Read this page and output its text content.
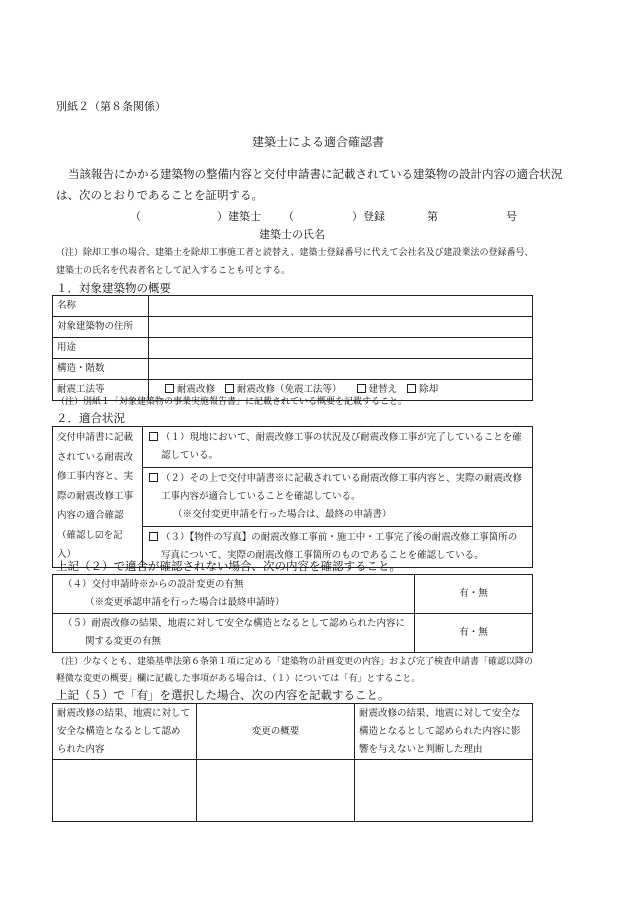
別紙２（第８条関係）
建築士による適合確認書
当該報告にかかる建築物の整備内容と交付申請書に記載されている建築物の設計内容の適合状況
は、次のとおりであることを証明する。
（	）建築士 （	）登録	第	号
建築士の氏名
（注）除却工事の場合、建築士を除却工事施工者と読替え、建築士登録番号に代えて会社名及び建設業法の登録番号、
建築士の氏名を代表者名として記入することも可とする。
１．対象建築物の概要
名称	
対象建築物の住所	
用途	
構造・階数	
耐震工法等	耐震改修 耐震改修（免震工法等） 建替え 除却
（注）別紙１「対象建築物の事業実施報告書」に記載されている概要を記載すること。
２．適合状況
交付申請書に記載
されている耐震改
修工事内容と、実
際の耐震改修工事
内容の適合確認
（確認し☑を記
入）
	（１）現地において、耐震改修工事の状況及び耐震改修工事が完了していることを確
認している。
（２）その上で交付申請書※に記載されている耐震改修工事内容と、実際の耐震改修
工事内容が適合していることを確認している。
（※交付変更申請を行った場合は、最終の申請書）
（３）【物件の写真】の耐震改修工事前・施工中・工事完了後の耐震改修工事箇所の
写真について、実際の耐震改修工事箇所のものであることを確認している。
上記（２）で適合が確認されない場合、次の内容を確認すること。
（４）交付申請時※からの設計変更の有無
（※変更承認申請を行った場合は最終申請時）	有・無
（５）耐震改修の結果、地震に対して安全な構造となるとして認められた内容に
関する変更の有無	有・無
（注）少なくとも、建築基準法第６条第１項に定める「建築物の計画変更の内容」および完了検査申請書「確認以降の
軽微な変更の概要」欄に記載した事項がある場合は、（１）については「有」とすること。
上記（５）で「有」を選択した場合、次の内容を記載すること。
耐震改修の結果、地震に対して
安全な構造となるとして認め
られた内容	変更の概要	耐震改修の結果、地震に対して安全な
構造となるとして認められた内容に影
響を与えないと判断した理由
